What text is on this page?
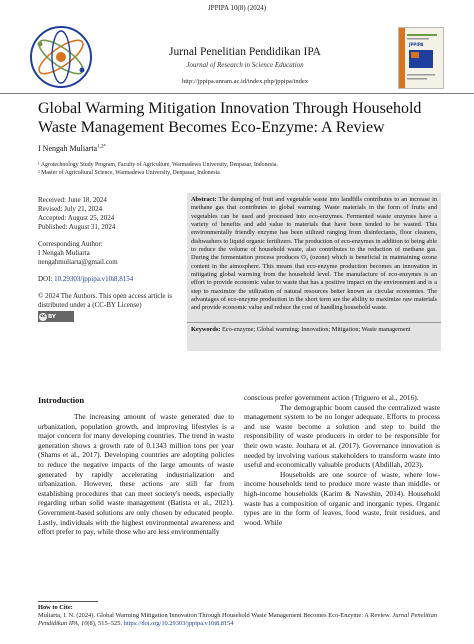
JPPIPA 10(8) (2024)
Jurnal Penelitian Pendidikan IPA
Journal of Research in Science Education
http://jppipa.unram.ac.id/index.php/jppipa/index
JPPIPA
Global Warming Mitigation Innovation Through Household Waste Management Becomes Eco-Enzyme: A Review
I Nengah Muliarta$^{1,2*}$
¹ Agrotechnology Study Program, Faculty of Agriculture, Warmadewa University, Denpasar, Indonesia.
² Master of Agricultural Science, Warmadewa University, Denpasar, Indonesia.
Received: June 18, 2024
Revised: July 21, 2024
Accepted: August 25, 2024
Published: August 31, 2024
Corresponding Author:
I Nengah Muliarta
nengahmuliarta@gmail.com
DOI: 10.29303/jppipa.v10i8.8154
© 2024 The Authors. This open access article is
distributed under a (CC-BY License)
cc BY
Abstract: The dumping of fruit and vegetable waste into landfills contributes to an increase in methane gas that contributes to global warming. Waste materials in the form of fruits and vegetables can be used and processed into eco-enzymes. Fermented waste enzymes have a variety of benefits and add value to materials that have been tended to be wasted. This environmentally friendly enzyme has been utilized ranging from disinfectants, floor cleaners, dishwashers to liquid organic fertilizers. The production of eco-enzymes in addition to being able to reduce the volume of household waste, also contributes to the reduction of methane gas. During the fermentation process produces O₃ (ozone) which is beneficial in maintaining ozone content in the atmosphere. This means that eco-enzyme production becomes an innovation in mitigating global warming from the household level. The manufacture of eco-enzymes is an effort to provide economic value to waste that has a positive impact on the environment and is a step to maximize the utilization of natural resources better known as circular economies. The advantages of eco-enzyme production in the short term are the ability to maximize raw materials and provide economic value and reduce the cost of handling household waste.
Keywords: Eco-enzyme; Global warming; Innovation; Mitigation; Waste management
Introduction

The increasing amount of waste generated due to urbanization, population growth, and improving lifestyles is a major concern for many developing countries. The trend in waste generation shows a growth rate of 0.1343 million tons per year (Shams et al., 2017). Developing countries are adopting policies to reduce the negative impacts of the large amounts of waste generated by rapidly accelerating industrialization and urbanization. However, these actions are still far from establishing procedures that can meet society's needs, especially regarding urban solid waste management (Batista et al., 2021). Government-based solutions are only chosen by educated people. Lastly, individuals with the highest environmental awareness and effort prefer to pay, while those who are less environmentally

conscious prefer government action (Triguero et al., 2016).

The demographic boom caused the centralized waste management system to be no longer adequate. Efforts to process and use waste become a solution and step to build the responsibility of waste producers in order to be responsible for their own waste. Jouhara et al. (2017). Governance innovation is needed by involving various stakeholders to transform waste into useful and economically valuable products (Abdillah, 2023).

Households are one source of waste, where low-income households tend to produce more waste than middle- or high-income households (Karim & Nawshin, 2014). Household waste has a composition of organic and inorganic types. Organic types are in the form of leaves, food waste, fruit residues, and wood. While

How to Cite:
Muliarta, I. N. (2024). Global Warming Mitigation Innovation Through Household Waste Management Becomes Eco-Enzyme: A Review. Jurnal Penelitian Pendidikan IPA, 10(8), 515–525. https://doi.org/10.29303/jppipa.v10i8.8154
